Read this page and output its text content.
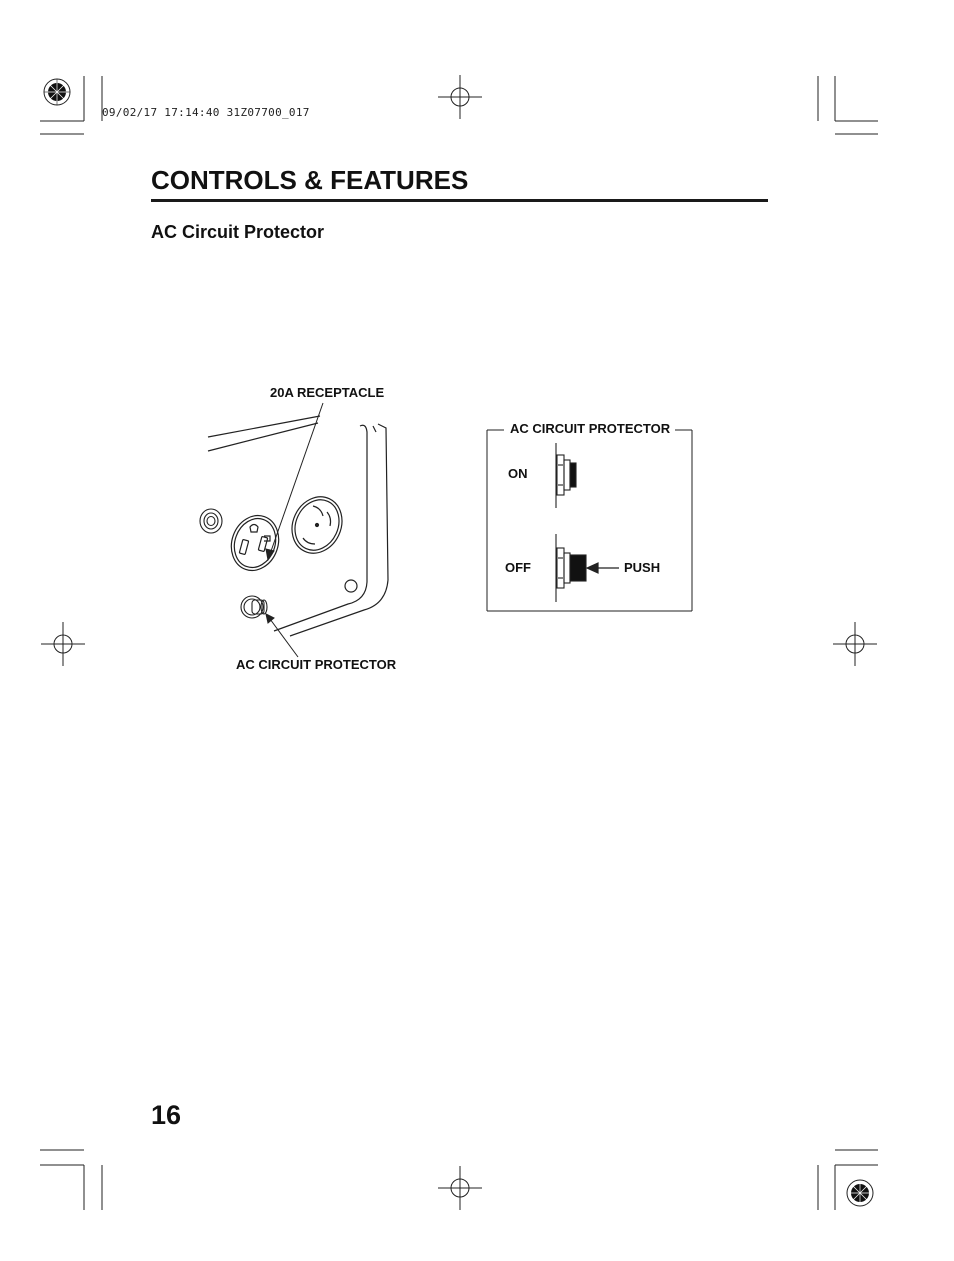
09/02/17 17:14:40 31Z07700_017
CONTROLS & FEATURES
AC Circuit Protector
20A RECEPTACLE
AC CIRCUIT PROTECTOR
AC CIRCUIT PROTECTOR
ON
OFF	PUSH
16
